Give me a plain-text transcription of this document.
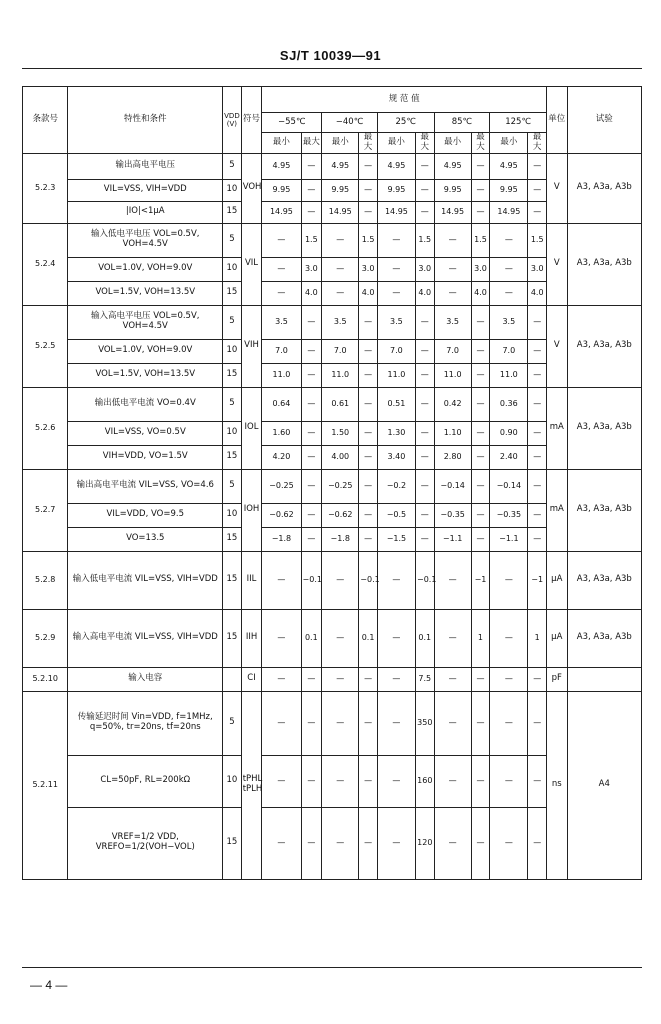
SJ/T 10039—91
条款号	特性和条件	VDD (V)	符号	规 范 值										单位	试验
				−55℃		−40℃		25℃		85℃		125℃			
				最小	最大	最小	最大	最小	最大	最小	最大	最小	最大		
5.2.3	输出高电平电压	5	VOH	4.95	—	4.95	—	4.95	—	4.95	—	4.95	—	V	A3, A3a, A3b
	VIL=VSS, VIH=VDD	10		9.95	—	9.95	—	9.95	—	9.95	—	9.95	—		
	|IO|<1μA	15		14.95	—	14.95	—	14.95	—	14.95	—	14.95	—		
5.2.4	输入低电平电压 VOL=0.5V, VOH=4.5V	5	VIL	—	1.5	—	1.5	—	1.5	—	1.5	—	1.5	V	A3, A3a, A3b
	VOL=1.0V, VOH=9.0V	10		—	3.0	—	3.0	—	3.0	—	3.0	—	3.0		
	VOL=1.5V, VOH=13.5V	15		—	4.0	—	4.0	—	4.0	—	4.0	—	4.0		
5.2.5	输入高电平电压 VOL=0.5V, VOH=4.5V	5	VIH	3.5	—	3.5	—	3.5	—	3.5	—	3.5	—	V	A3, A3a, A3b
	VOL=1.0V, VOH=9.0V	10		7.0	—	7.0	—	7.0	—	7.0	—	7.0	—		
	VOL=1.5V, VOH=13.5V	15		11.0	—	11.0	—	11.0	—	11.0	—	11.0	—		
5.2.6	输出低电平电流 VO=0.4V	5	IOL	0.64	—	0.61	—	0.51	—	0.42	—	0.36	—	mA	A3, A3a, A3b
	VIL=VSS, VO=0.5V	10		1.60	—	1.50	—	1.30	—	1.10	—	0.90	—		
	VIH=VDD, VO=1.5V	15		4.20	—	4.00	—	3.40	—	2.80	—	2.40	—		
5.2.7	输出高电平电流 VIL=VSS, VO=4.6	5	IOH	−0.25	—	−0.25	—	−0.2	—	−0.14	—	−0.14	—	mA	A3, A3a, A3b
	VIL=VDD, VO=9.5	10		−0.62	—	−0.62	—	−0.5	—	−0.35	—	−0.35	—		
	VO=13.5	15		−1.8	—	−1.8	—	−1.5	—	−1.1	—	−1.1	—		
5.2.8	输入低电平电流 VIL=VSS, VIH=VDD	15	IIL	—	−0.1	—	−0.1	—	−0.1	—	−1	—	−1	μA	A3, A3a, A3b
5.2.9	输入高电平电流 VIL=VSS, VIH=VDD	15	IIH	—	0.1	—	0.1	—	0.1	—	1	—	1	μA	A3, A3a, A3b
5.2.10	输入电容		CI	—	—	—	—	—	7.5	—	—	—	—	pF	
5.2.11	传输延迟时间 Vin=VDD, f=1MHz, q=50%, tr=20ns, tf=20ns	5	tPHL tPLH	—	—	—	—	—	350	—	—	—	—	ns	A4
	CL=50pF, RL=200kΩ	10		—	—	—	—	—	160	—	—	—	—		
	VREF=1/2 VDD, VREFO=1/2(VOH−VOL)	15		—	—	—	—	—	120	—	—	—	—		
— 4 —
